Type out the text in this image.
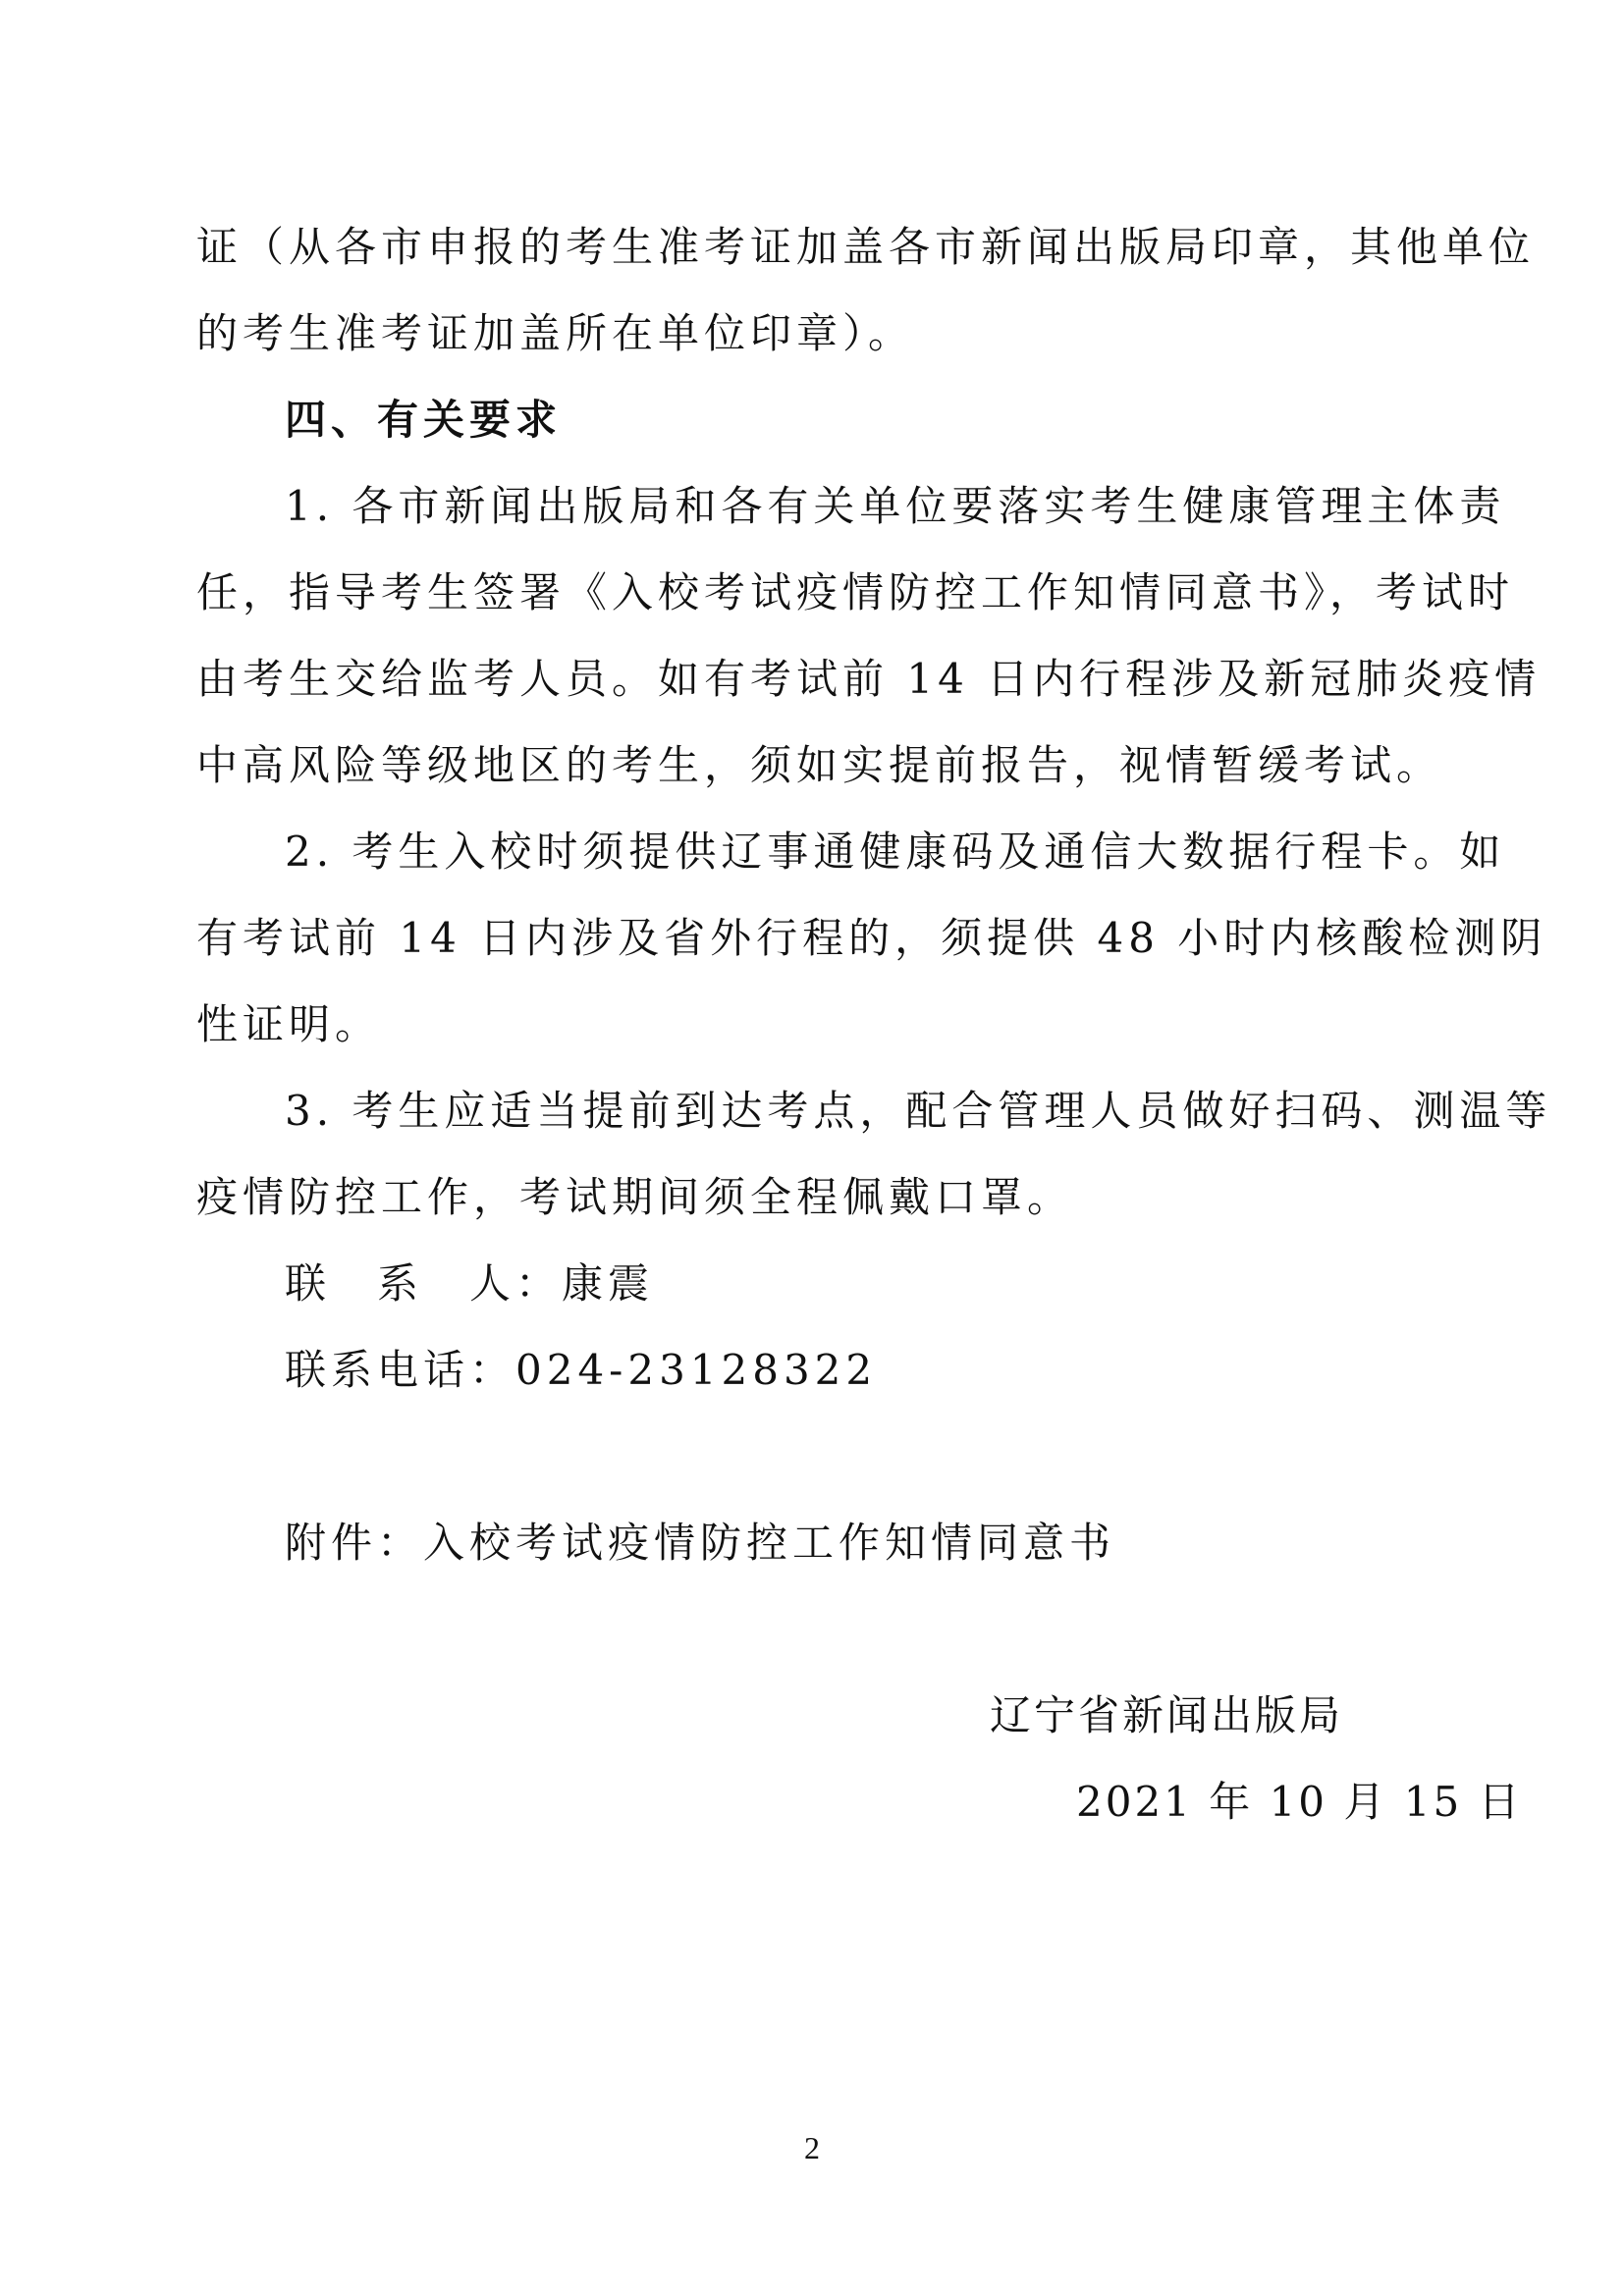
证（从各市申报的考生准考证加盖各市新闻出版局印章，其他单位
的考生准考证加盖所在单位印章）。
四、有关要求
1. 各市新闻出版局和各有关单位要落实考生健康管理主体责
任，指导考生签署《入校考试疫情防控工作知情同意书》，考试时
由考生交给监考人员。如有考试前 14 日内行程涉及新冠肺炎疫情
中高风险等级地区的考生，须如实提前报告，视情暂缓考试。
2. 考生入校时须提供辽事通健康码及通信大数据行程卡。如
有考试前 14 日内涉及省外行程的，须提供 48 小时内核酸检测阴
性证明。
3. 考生应适当提前到达考点，配合管理人员做好扫码、测温等
疫情防控工作，考试期间须全程佩戴口罩。
联　系　人：康震
联系电话：024-23128322
附件：入校考试疫情防控工作知情同意书
辽宁省新闻出版局
2021 年 10 月 15 日
2
